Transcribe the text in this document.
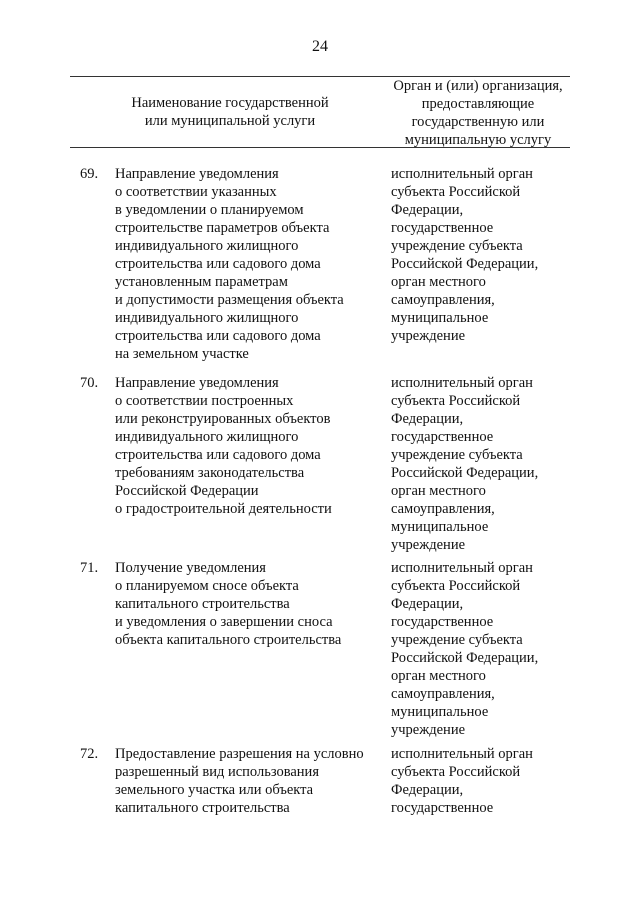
24
Наименование государственной
или муниципальной услуги
Орган и (или) организация,
предоставляющие
государственную или
муниципальную услугу
69. Направление уведомления
о соответствии указанных
в уведомлении о планируемом
строительстве параметров объекта
индивидуального жилищного
строительства или садового дома
установленным параметрам
и допустимости размещения объекта
индивидуального жилищного
строительства или садового дома
на земельном участке
исполнительный орган
субъекта Российской
Федерации,
государственное
учреждение субъекта
Российской Федерации,
орган местного
самоуправления,
муниципальное
учреждение
70. Направление уведомления
о соответствии построенных
или реконструированных объектов
индивидуального жилищного
строительства или садового дома
требованиям законодательства
Российской Федерации
о градостроительной деятельности
исполнительный орган
субъекта Российской
Федерации,
государственное
учреждение субъекта
Российской Федерации,
орган местного
самоуправления,
муниципальное
учреждение
71. Получение уведомления
о планируемом сносе объекта
капитального строительства
и уведомления о завершении сноса
объекта капитального строительства
исполнительный орган
субъекта Российской
Федерации,
государственное
учреждение субъекта
Российской Федерации,
орган местного
самоуправления,
муниципальное
учреждение
72. Предоставление разрешения на условно
разрешенный вид использования
земельного участка или объекта
капитального строительства
исполнительный орган
субъекта Российской
Федерации,
государственное
